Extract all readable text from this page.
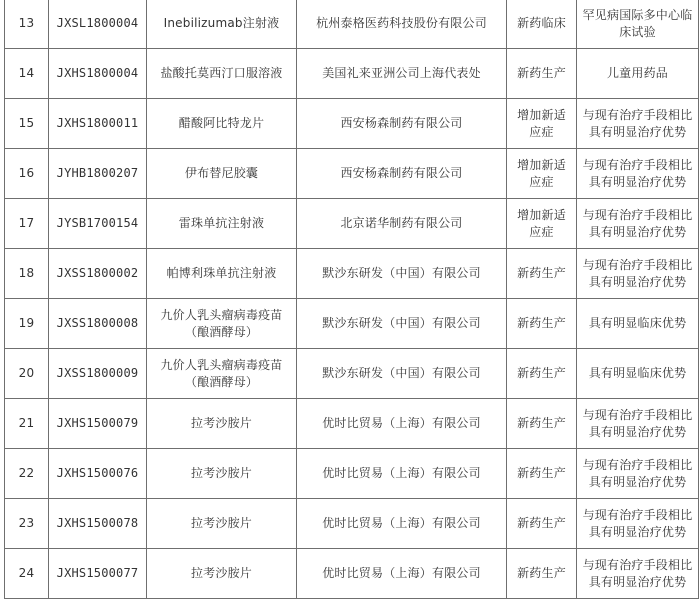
13	JXSL1800004	Inebilizumab注射液	杭州泰格医药科技股份有限公司	新药临床	罕见病国际多中心临
床试验
14	JXHS1800004	盐酸托莫西汀口服溶液	美国礼来亚洲公司上海代表处	新药生产	儿童用药品
15	JXHS1800011	醋酸阿比特龙片	西安杨森制药有限公司	增加新适
应症	与现有治疗手段相比
具有明显治疗优势
16	JYHB1800207	伊布替尼胶囊	西安杨森制药有限公司	增加新适
应症	与现有治疗手段相比
具有明显治疗优势
17	JYSB1700154	雷珠单抗注射液	北京诺华制药有限公司	增加新适
应症	与现有治疗手段相比
具有明显治疗优势
18	JXSS1800002	帕博利珠单抗注射液	默沙东研发（中国）有限公司	新药生产	与现有治疗手段相比
具有明显治疗优势
19	JXSS1800008	九价人乳头瘤病毒疫苗
（酿酒酵母）	默沙东研发（中国）有限公司	新药生产	具有明显临床优势
20	JXSS1800009	九价人乳头瘤病毒疫苗
（酿酒酵母）	默沙东研发（中国）有限公司	新药生产	具有明显临床优势
21	JXHS1500079	拉考沙胺片	优时比贸易（上海）有限公司	新药生产	与现有治疗手段相比
具有明显治疗优势
22	JXHS1500076	拉考沙胺片	优时比贸易（上海）有限公司	新药生产	与现有治疗手段相比
具有明显治疗优势
23	JXHS1500078	拉考沙胺片	优时比贸易（上海）有限公司	新药生产	与现有治疗手段相比
具有明显治疗优势
24	JXHS1500077	拉考沙胺片	优时比贸易（上海）有限公司	新药生产	与现有治疗手段相比
具有明显治疗优势
